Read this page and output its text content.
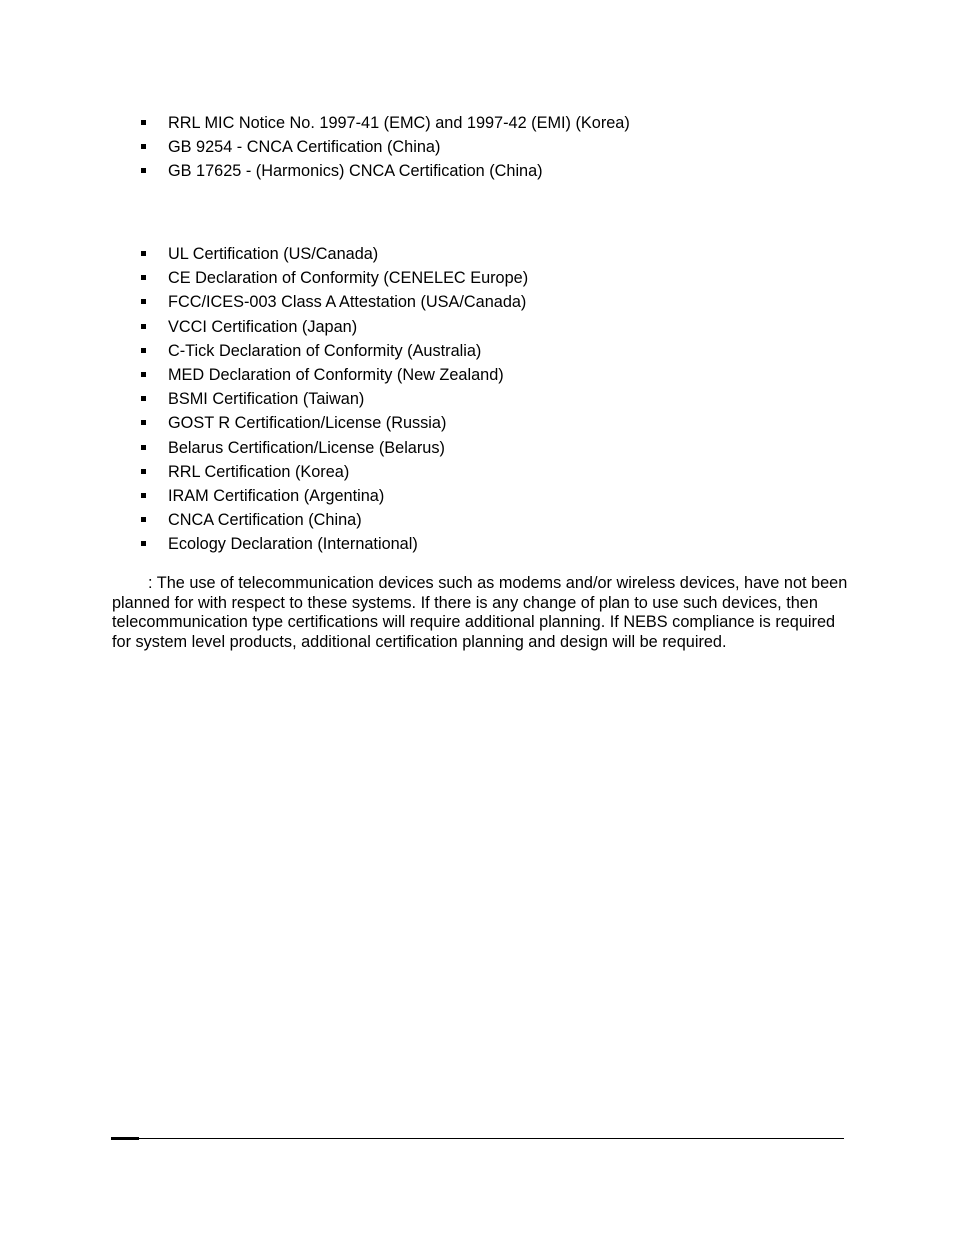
RRL MIC Notice No. 1997-41 (EMC) and 1997-42 (EMI) (Korea)
GB 9254 - CNCA Certification (China)
GB 17625 - (Harmonics) CNCA Certification (China)
UL Certification (US/Canada)
CE Declaration of Conformity (CENELEC Europe)
FCC/ICES-003 Class A Attestation (USA/Canada)
VCCI Certification (Japan)
C-Tick Declaration of Conformity (Australia)
MED Declaration of Conformity (New Zealand)
BSMI Certification (Taiwan)
GOST R Certification/License (Russia)
Belarus Certification/License (Belarus)
RRL Certification (Korea)
IRAM Certification (Argentina)
CNCA Certification (China)
Ecology Declaration (International)

: The use of telecommunication devices such as modems and/or wireless devices, have not been planned for with respect to these systems. If there is any change of plan to use such devices, then telecommunication type certifications will require additional planning. If NEBS compliance is required for system level products, additional certification planning and design will be required.
